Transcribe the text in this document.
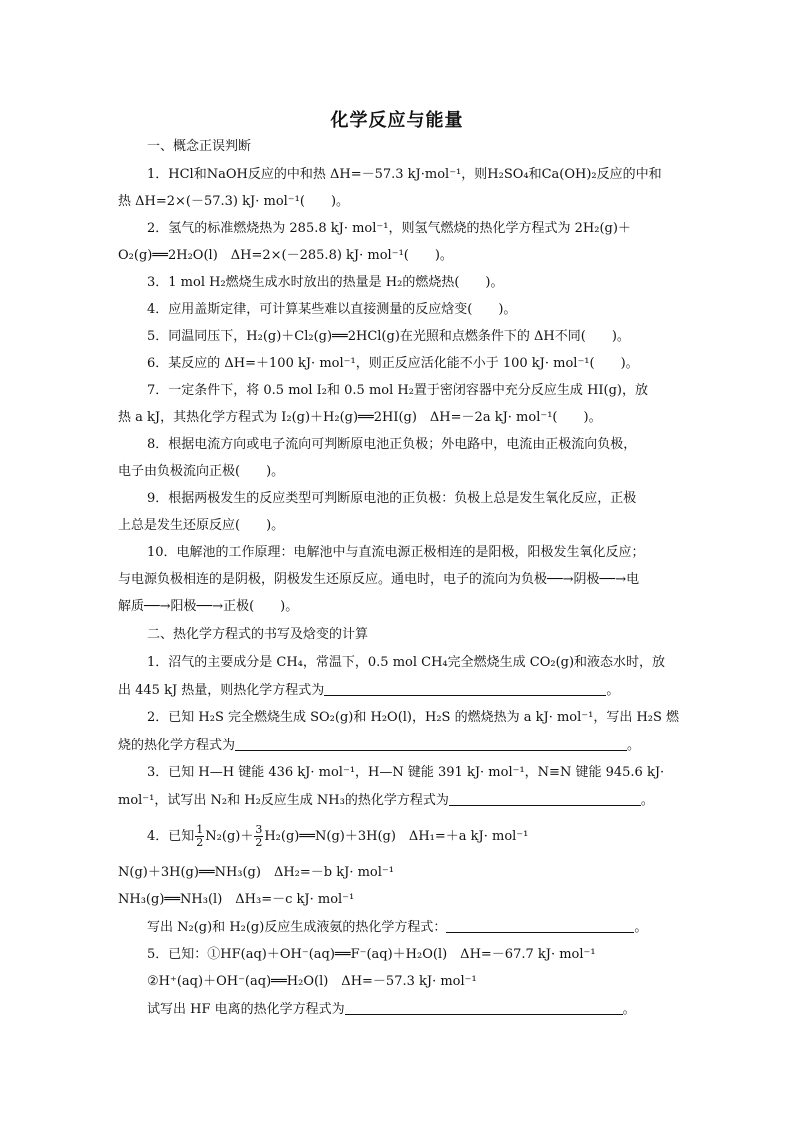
化学反应与能量
一、概念正误判断
1．HCl和NaOH反应的中和热 ΔH=－57.3 kJ·mol⁻¹，则H₂SO₄和Ca(OH)₂反应的中和
热 ΔH=2×(－57.3) kJ· mol⁻¹(　　)。
2．氢气的标准燃烧热为 285.8 kJ· mol⁻¹，则氢气燃烧的热化学方程式为 2H₂(g)＋
O₂(g)══2H₂O(l)　ΔH=2×(－285.8) kJ· mol⁻¹(　　)。
3．1 mol H₂燃烧生成水时放出的热量是 H₂的燃烧热(　　)。
4．应用盖斯定律，可计算某些难以直接测量的反应焓变(　　)。
5．同温同压下，H₂(g)＋Cl₂(g)══2HCl(g)在光照和点燃条件下的 ΔH不同(　　)。
6．某反应的 ΔH=＋100 kJ· mol⁻¹，则正反应活化能不小于 100 kJ· mol⁻¹(　　)。
7．一定条件下，将 0.5 mol I₂和 0.5 mol H₂置于密闭容器中充分反应生成 HI(g)，放
热 a kJ，其热化学方程式为 I₂(g)＋H₂(g)══2HI(g)　ΔH=－2a kJ· mol⁻¹(　　)。
8．根据电流方向或电子流向可判断原电池正负极；外电路中，电流由正极流向负极，
电子由负极流向正极(　　)。
9．根据两极发生的反应类型可判断原电池的正负极：负极上总是发生氧化反应，正极
上总是发生还原反应(　　)。
10．电解池的工作原理：电解池中与直流电源正极相连的是阳极，阳极发生氧化反应；
与电源负极相连的是阴极，阴极发生还原反应。通电时，电子的流向为负极──→阴极──→电
解质──→阳极──→正极(　　)。
二、热化学方程式的书写及焓变的计算
1．沼气的主要成分是 CH₄，常温下，0.5 mol CH₄完全燃烧生成 CO₂(g)和液态水时，放
出 445 kJ 热量，则热化学方程式为	。
2．已知 H₂S 完全燃烧生成 SO₂(g)和 H₂O(l)，H₂S 的燃烧热为 a kJ· mol⁻¹，写出 H₂S 燃
烧的热化学方程式为	。
3．已知 H—H 键能 436 kJ· mol⁻¹，H—N 键能 391 kJ· mol⁻¹，N≡N 键能 945.6 kJ·
mol⁻¹，试写出 N₂和 H₂反应生成 NH₃的热化学方程式为	。
4．已知 $\frac{1}{2} N_2(g)+ \frac{3}{2}$ H₂(g)══N(g)＋3H(g)　ΔH₁=＋a kJ· mol⁻¹
N(g)＋3H(g)══NH₃(g)　ΔH₂=－b kJ· mol⁻¹
NH₃(g)══NH₃(l)　ΔH₃=－c kJ· mol⁻¹
写出 N₂(g)和 H₂(g)反应生成液氨的热化学方程式：	。
5．已知：①HF(aq)＋OH⁻(aq)══F⁻(aq)＋H₂O(l)　ΔH=－67.7 kJ· mol⁻¹
②H⁺(aq)＋OH⁻(aq)══H₂O(l)　ΔH=－57.3 kJ· mol⁻¹
试写出 HF 电离的热化学方程式为	。
